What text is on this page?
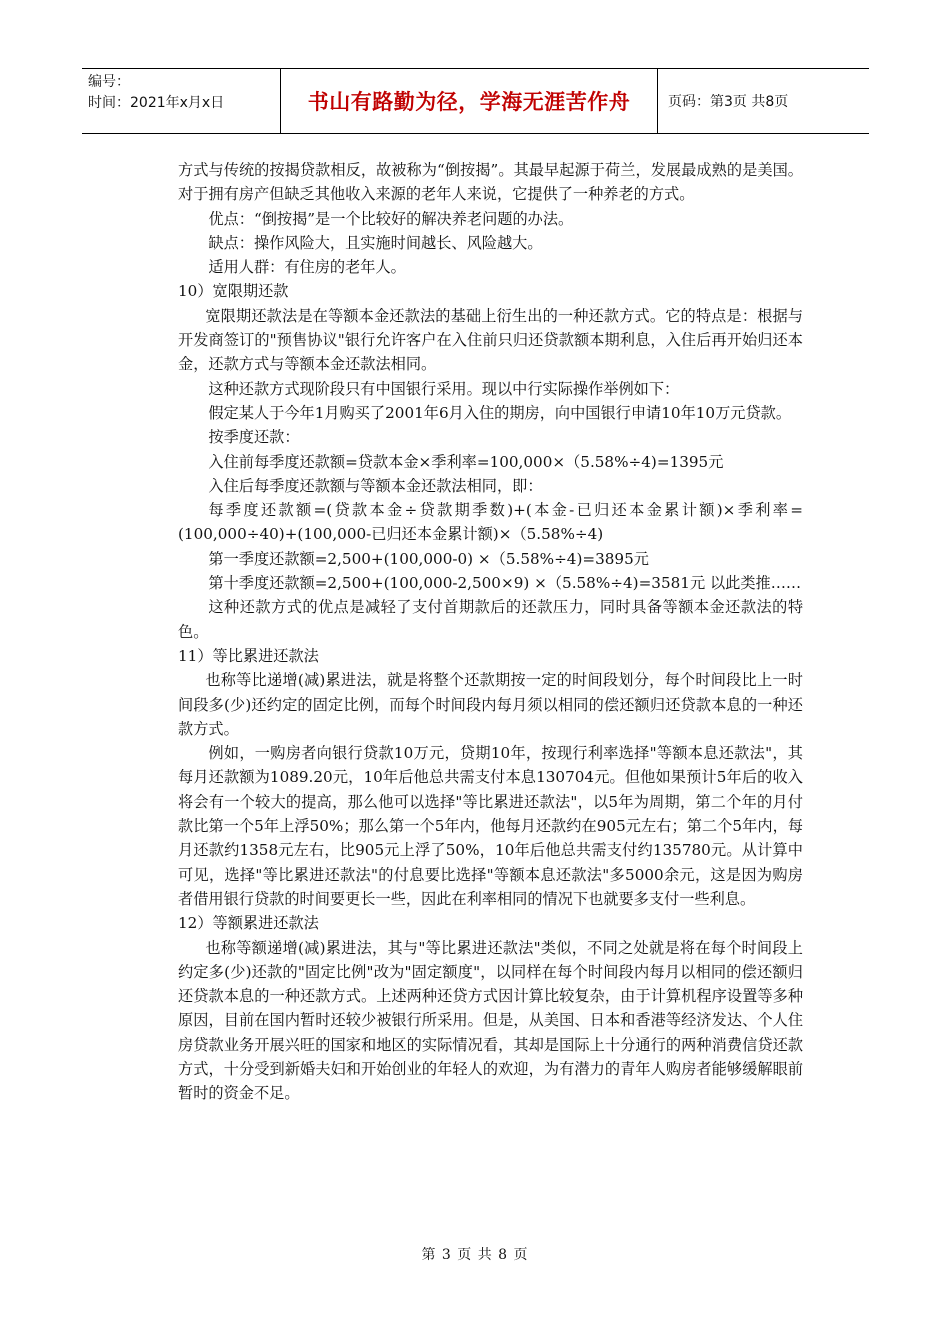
编号：
时间：2021年x月x日	书山有路勤为径，学海无涯苦作舟	页码：第3页 共8页

方式与传统的按揭贷款相反，故被称为“倒按揭”。其最早起源于荷兰，发展最成熟的是美国。对于拥有房产但缺乏其他收入来源的老年人来说，它提供了一种养老的方式。

优点：“倒按揭”是一个比较好的解决养老问题的办法。

缺点：操作风险大，且实施时间越长、风险越大。

适用人群：有住房的老年人。

10）宽限期还款

宽限期还款法是在等额本金还款法的基础上衍生出的一种还款方式。它的特点是：根据与开发商签订的"预售协议"银行允许客户在入住前只归还贷款额本期利息，入住后再开始归还本金，还款方式与等额本金还款法相同。

这种还款方式现阶段只有中国银行采用。现以中行实际操作举例如下：

假定某人于今年1月购买了2001年6月入住的期房，向中国银行申请10年10万元贷款。

按季度还款：

入住前每季度还款额=贷款本金×季利率=100,000×（5.58%÷4)=1395元

入住后每季度还款额与等额本金还款法相同，即：

每季度还款额=(贷款本金÷贷款期季数)+(本金-已归还本金累计额)×季利率=(100,000÷40)+(100,000-已归还本金累计额)×（5.58%÷4)

第一季度还款额=2,500+(100,000-0) ×（5.58%÷4)=3895元

第十季度还款额=2,500+(100,000-2,500×9) ×（5.58%÷4)=3581元 以此类推……

这种还款方式的优点是减轻了支付首期款后的还款压力，同时具备等额本金还款法的特色。

11）等比累进还款法

也称等比递增(减)累进法，就是将整个还款期按一定的时间段划分，每个时间段比上一时间段多(少)还约定的固定比例，而每个时间段内每月须以相同的偿还额归还贷款本息的一种还款方式。

例如，一购房者向银行贷款10万元，贷期10年，按现行利率选择"等额本息还款法"，其每月还款额为1089.20元，10年后他总共需支付本息130704元。但他如果预计5年后的收入将会有一个较大的提高，那么他可以选择"等比累进还款法"，以5年为周期，第二个年的月付款比第一个5年上浮50%；那么第一个5年内，他每月还款约在905元左右；第二个5年内，每月还款约1358元左右，比905元上浮了50%，10年后他总共需支付约135780元。从计算中可见，选择"等比累进还款法"的付息要比选择"等额本息还款法"多5000余元，这是因为购房者借用银行贷款的时间要更长一些，因此在利率相同的情况下也就要多支付一些利息。

12）等额累进还款法

也称等额递增(减)累进法，其与"等比累进还款法"类似，不同之处就是将在每个时间段上约定多(少)还款的"固定比例"改为"固定额度"，以同样在每个时间段内每月以相同的偿还额归还贷款本息的一种还款方式。上述两种还贷方式因计算比较复杂，由于计算机程序设置等多种原因，目前在国内暂时还较少被银行所采用。但是，从美国、日本和香港等经济发达、个人住房贷款业务开展兴旺的国家和地区的实际情况看，其却是国际上十分通行的两种消费信贷还款方式，十分受到新婚夫妇和开始创业的年轻人的欢迎，为有潜力的青年人购房者能够缓解眼前暂时的资金不足。

第 3 页 共 8 页
